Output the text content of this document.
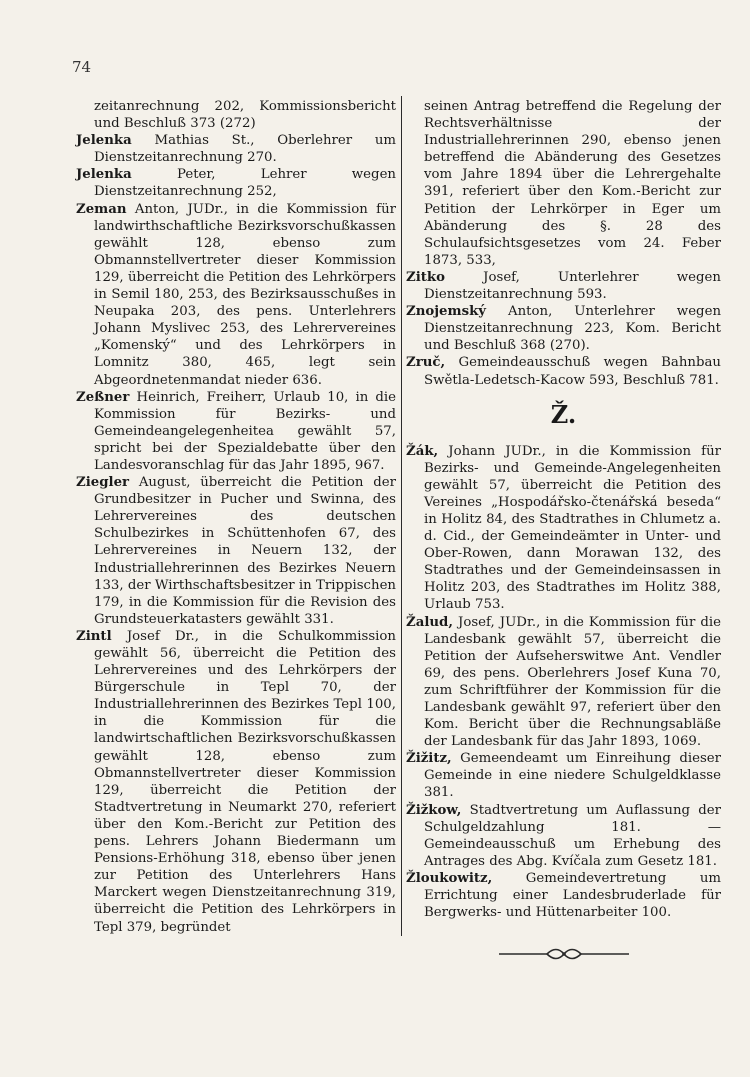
74
zeitanrechnung 202, Kommissionsbericht und Beschluß 373 (272)
Jelenka Mathias St., Oberlehrer um Dienstzeitanrechnung 270.
Jelenka	Peter, Lehrer wegen Dienstzeitanrechnung 252,
Zeman Anton, JUDr., in die Kommission für landwirthschaftliche Bezirksvorschußkassen gewählt 128, ebenso zum Obmannstellvertreter dieser Kommission 129, überreicht die Petition des Lehrkörpers in Semil 180, 253, des Bezirksausschußes in Neupaka 203, des pens. Unterlehrers Johann Myslivec 253, des Lehrervereines „Komenský“ und des Lehrkörpers in Lomnitz 380, 465, legt sein Abgeordnetenmandat nieder 636.
Zeßner Heinrich, Freiherr, Urlaub 10, in die Kommission für Bezirks- und Gemeindeangelegenheitea gewählt 57, spricht bei der Spezialdebatte über den Landesvoranschlag für das Jahr 1895, 967.
Ziegler August, überreicht die Petition der Grundbesitzer in Pucher und Swinna, des Lehrervereines des deutschen Schulbezirkes in Schüttenhofen 67, des Lehrervereines in Neuern 132, der Industriallehrerinnen des Bezirkes Neuern 133, der Wirthschaftsbesitzer in Trippischen 179, in die Kommission für die Revision des Grundsteuerkatasters gewählt 331.
Zintl Josef Dr., in die Schulkommission gewählt 56, überreicht die Petition des Lehrervereines und des Lehrkörpers der Bürgerschule in Tepl 70, der Industriallehrerinnen des Bezirkes Tepl 100, in die Kommission für die landwirtschaftlichen Bezirksvorschußkassen gewählt 128, ebenso zum Obmannstellvertreter dieser Kommission 129, überreicht die Petition der Stadtvertretung in Neumarkt 270, referiert über den Kom.-Bericht zur Petition des pens. Lehrers Johann Biedermann um Pensions-Erhöhung 318, ebenso über jenen zur Petition des Unterlehrers Hans Marckert wegen Dienstzeitanrechnung 319, überreicht die Petition des Lehrkörpers in Tepl 379, begründet
seinen Antrag betreffend die Regelung der Rechtsverhältnisse der Industriallehrerinnen 290, ebenso jenen betreffend die Abänderung des Gesetzes vom Jahre 1894 über die Lehrergehalte 391, referiert über den Kom.-Bericht zur Petition der Lehrkörper in Eger um Abänderung des §. 28 des Schulaufsichtsgesetzes vom 24. Feber 1873, 533,
Zitko	Josef, Unterlehrer wegen Dienstzeitanrechnung 593.
Znojemský Anton, Unterlehrer wegen Dienstzeitanrechnung 223, Kom. Bericht und Beschluß 368 (270).
Zruč, Gemeindeausschuß wegen Bahnbau Swětla-Ledetsch-Kacow 593, Beschluß 781.
Ž.
Žák, Johann JUDr., in die Kommission für Bezirks- und Gemeinde-Angelegenheiten gewählt 57, überreicht die Petition des Vereines „Hospodářsko-čtenářská beseda“ in Holitz 84, des Stadtrathes in Chlumetz a. d. Cid., der Gemeindeämter in Unter- und Ober-Rowen, dann Morawan 132, des Stadtrathes und der Gemeindeinsassen in Holitz 203, des Stadtrathes im Holitz 388, Urlaub 753.
Žalud, Josef, JUDr., in die Kommission für die Landesbank gewählt 57, überreicht die Petition der Aufseherswitwe Ant. Vendler 69, des pens. Oberlehrers Josef Kuna 70, zum Schriftführer der Kommission für die Landesbank gewählt 97, referiert über den Kom. Bericht über die Rechnungsabläße der Landesbank für das Jahr 1893, 1069.
Žižitz, Gemeendeamt um Einreihung dieser Gemeinde in eine niedere Schulgeldklasse 381.
Žižkow, Stadtvertretung um Auflassung der Schulgeldzahlung 181. — Gemeindeausschuß um Erhebung des Antrages des Abg. Kvíčala zum Gesetz 181.
Žloukowitz,	Gemeindevertretung um Errichtung einer Landesbruderlade für Bergwerks- und Hüttenarbeiter 100.
